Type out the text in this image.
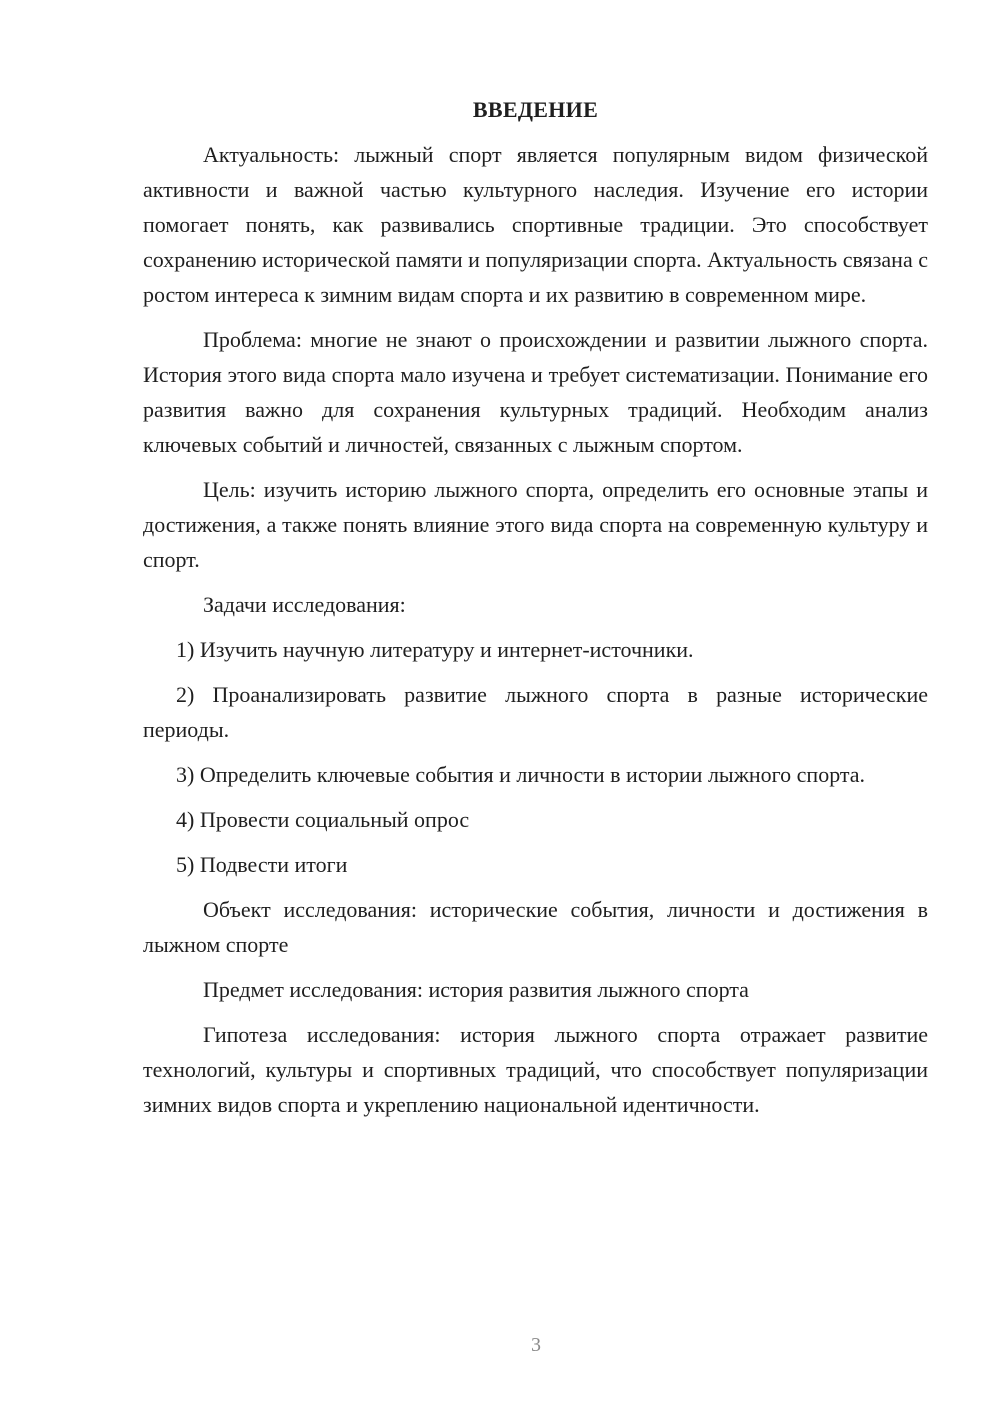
ВВЕДЕНИЕ

Актуальность: лыжный спорт является популярным видом физической активности и важной частью культурного наследия. Изучение его истории помогает понять, как развивались спортивные традиции. Это способствует сохранению исторической памяти и популяризации спорта. Актуальность связана с ростом интереса к зимним видам спорта и их развитию в современном мире.

Проблема: многие не знают о происхождении и развитии лыжного спорта. История этого вида спорта мало изучена и требует систематизации. Понимание его развития важно для сохранения культурных традиций. Необходим анализ ключевых событий и личностей, связанных с лыжным спортом.

Цель: изучить историю лыжного спорта, определить его основные этапы и достижения, а также понять влияние этого вида спорта на современную культуру и спорт.

Задачи исследования:

1) Изучить научную литературу и интернет-источники.

2) Проанализировать развитие лыжного спорта в разные исторические периоды.

3) Определить ключевые события и личности в истории лыжного спорта.

4) Провести социальный опрос

5) Подвести итоги

Объект исследования: исторические события, личности и достижения в лыжном спорте

Предмет исследования: история развития лыжного спорта

Гипотеза исследования: история лыжного спорта отражает развитие технологий, культуры и спортивных традиций, что способствует популяризации зимних видов спорта и укреплению национальной идентичности.

3
